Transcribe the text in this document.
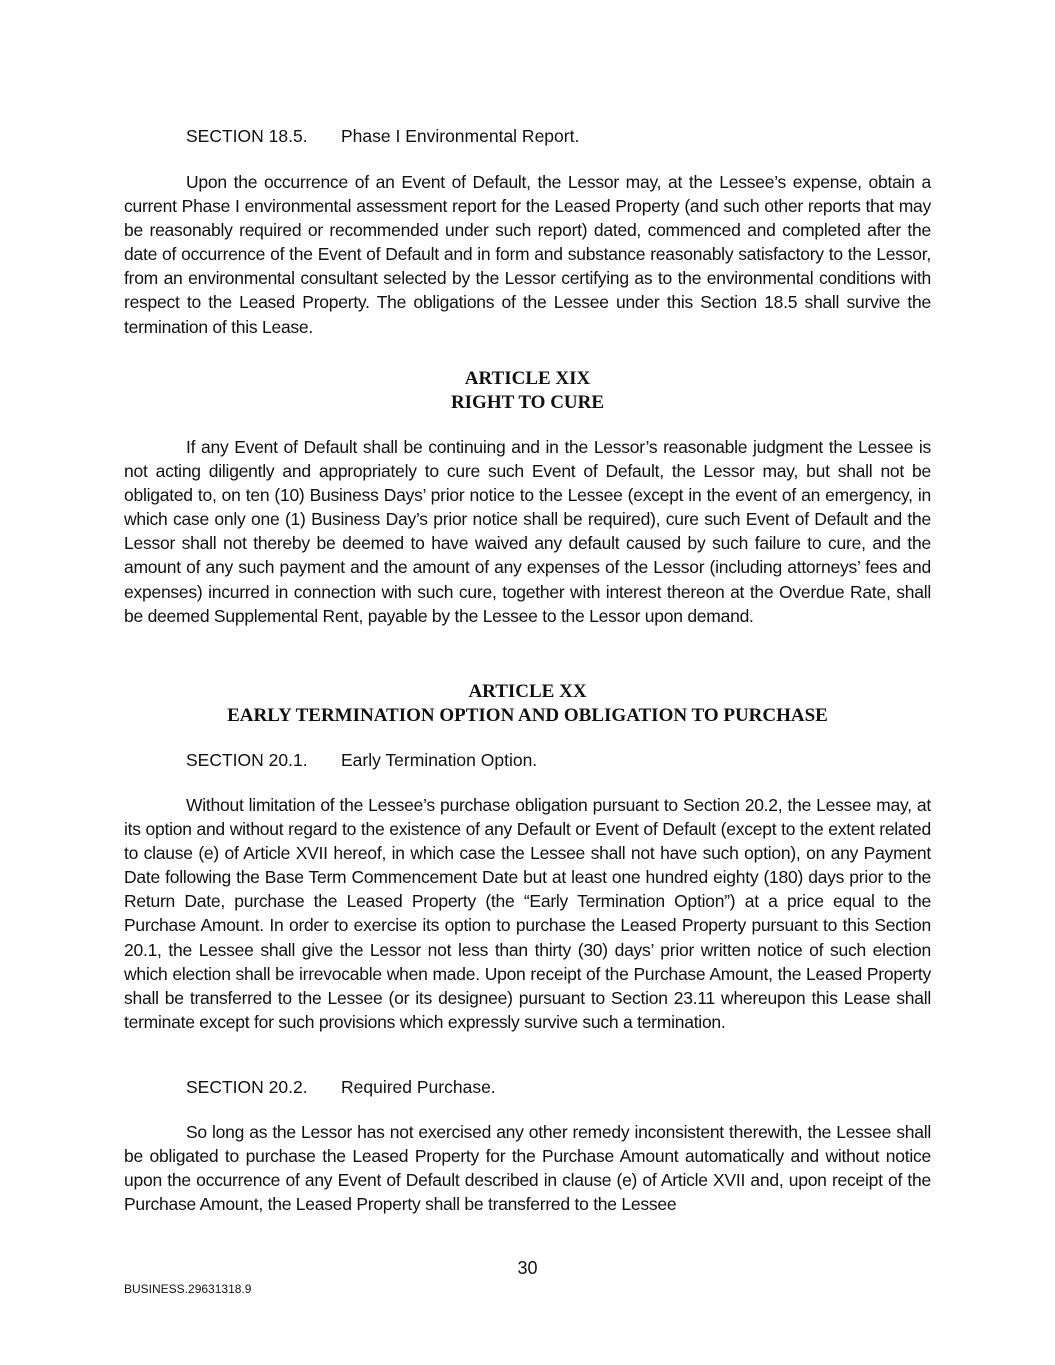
SECTION 18.5. Phase I Environmental Report.

Upon the occurrence of an Event of Default, the Lessor may, at the Lessee’s expense, obtain a current Phase I environmental assessment report for the Leased Property (and such other reports that may be reasonably required or recommended under such report) dated, commenced and completed after the date of occurrence of the Event of Default and in form and substance reasonably satisfactory to the Lessor, from an environmental consultant selected by the Lessor certifying as to the environmental conditions with respect to the Leased Property. The obligations of the Lessee under this Section 18.5 shall survive the termination of this Lease.

ARTICLE XIX
RIGHT TO CURE

If any Event of Default shall be continuing and in the Lessor’s reasonable judgment the Lessee is not acting diligently and appropriately to cure such Event of Default, the Lessor may, but shall not be obligated to, on ten (10) Business Days’ prior notice to the Lessee (except in the event of an emergency, in which case only one (1) Business Day’s prior notice shall be required), cure such Event of Default and the Lessor shall not thereby be deemed to have waived any default caused by such failure to cure, and the amount of any such payment and the amount of any expenses of the Lessor (including attorneys’ fees and expenses) incurred in connection with such cure, together with interest thereon at the Overdue Rate, shall be deemed Supplemental Rent, payable by the Lessee to the Lessor upon demand.

ARTICLE XX
EARLY TERMINATION OPTION AND OBLIGATION TO PURCHASE
SECTION 20.1. Early Termination Option.

Without limitation of the Lessee’s purchase obligation pursuant to Section 20.2, the Lessee may, at its option and without regard to the existence of any Default or Event of Default (except to the extent related to clause (e) of Article XVII hereof, in which case the Lessee shall not have such option), on any Payment Date following the Base Term Commencement Date but at least one hundred eighty (180) days prior to the Return Date, purchase the Leased Property (the “Early Termination Option”) at a price equal to the Purchase Amount. In order to exercise its option to purchase the Leased Property pursuant to this Section 20.1, the Lessee shall give the Lessor not less than thirty (30) days’ prior written notice of such election which election shall be irrevocable when made. Upon receipt of the Purchase Amount, the Leased Property shall be transferred to the Lessee (or its designee) pursuant to Section 23.11 whereupon this Lease shall terminate except for such provisions which expressly survive such a termination.

SECTION 20.2. Required Purchase.

So long as the Lessor has not exercised any other remedy inconsistent therewith, the Lessee shall be obligated to purchase the Leased Property for the Purchase Amount automatically and without notice upon the occurrence of any Event of Default described in clause (e) of Article XVII and, upon receipt of the Purchase Amount, the Leased Property shall be transferred to the Lessee

30
BUSINESS.29631318.9
